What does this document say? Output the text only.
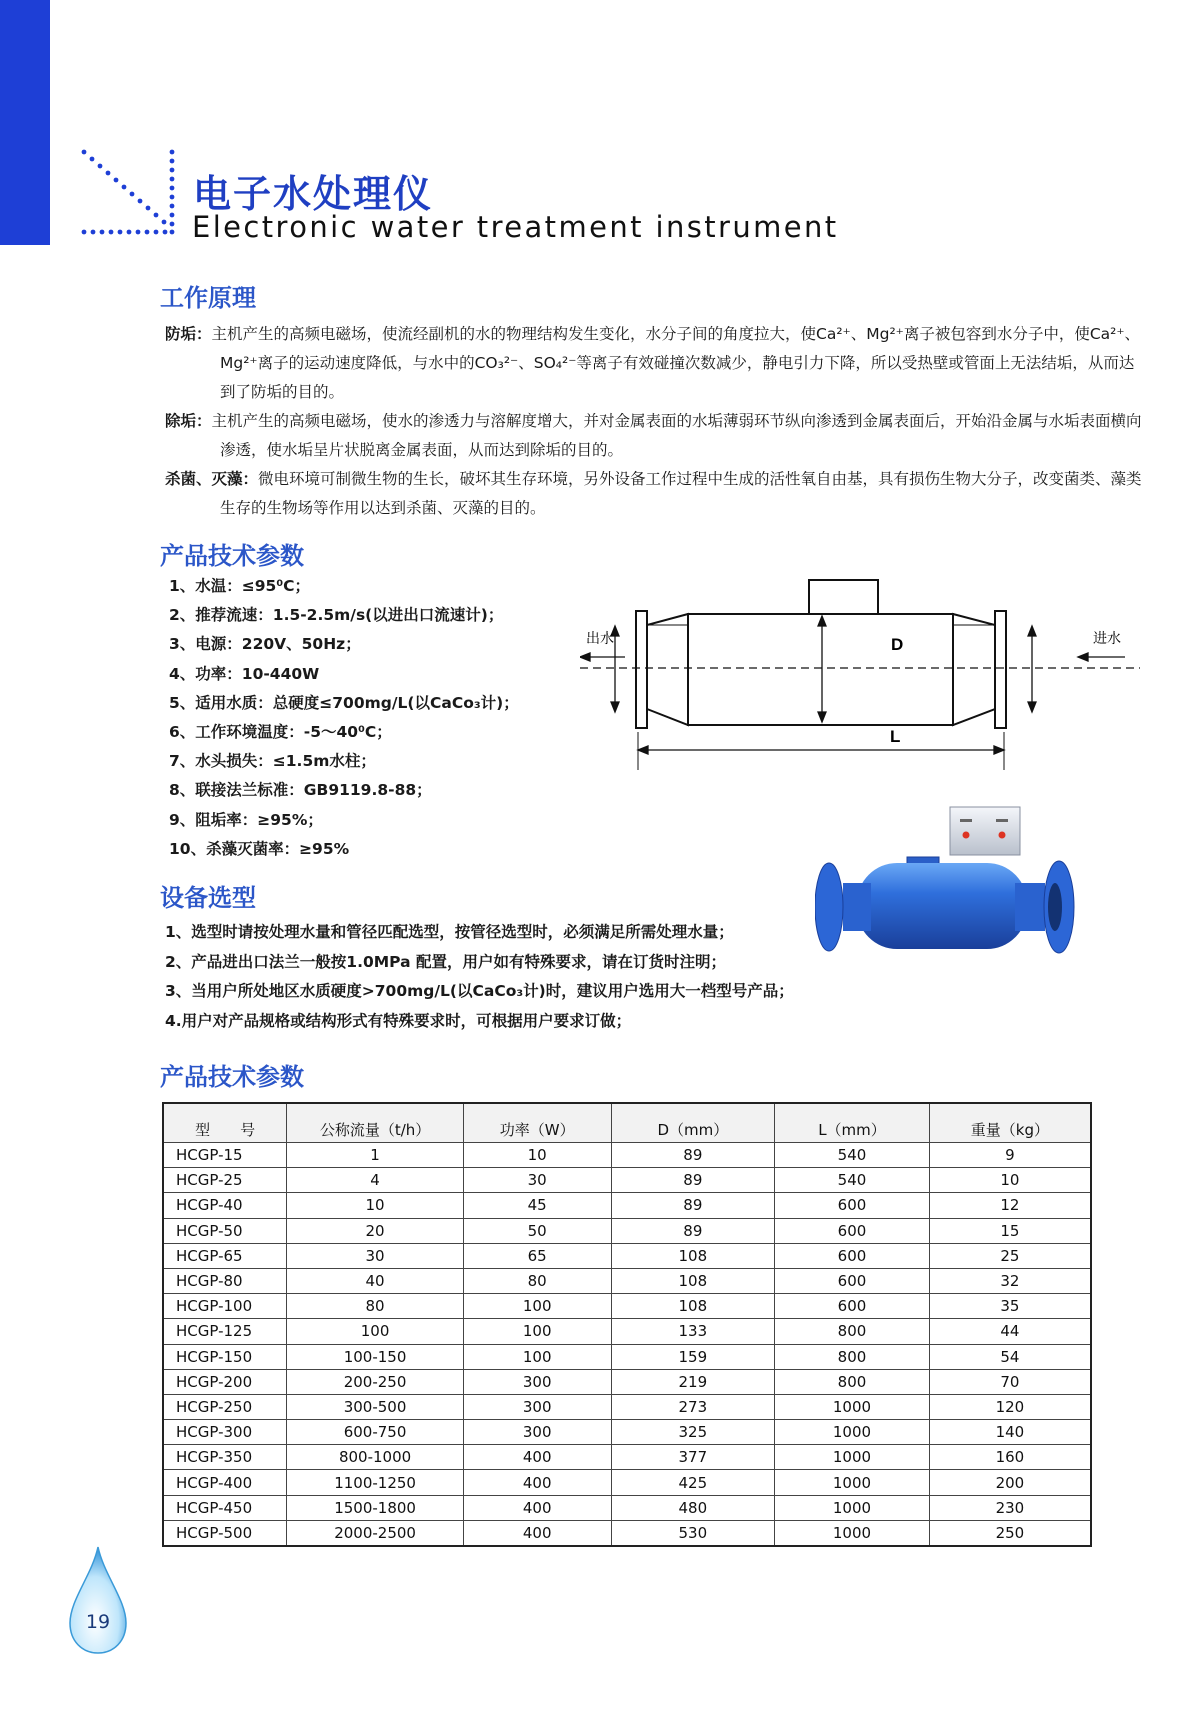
电子水处理仪
Electronic water treatment instrument
工作原理

防垢：主机产生的高频电磁场，使流经副机的水的物理结构发生变化，水分子间的角度拉大，使Ca²⁺、Mg²⁺离子被包容到水分子中，使Ca²⁺、Mg²⁺离子的运动速度降低，与水中的CO₃²⁻、SO₄²⁻等离子有效碰撞次数减少，静电引力下降，所以受热壁或管面上无法结垢，从而达到了防垢的目的。

除垢：主机产生的高频电磁场，使水的渗透力与溶解度增大，并对金属表面的水垢薄弱环节纵向渗透到金属表面后，开始沿金属与水垢表面横向渗透，使水垢呈片状脱离金属表面，从而达到除垢的目的。

杀菌、灭藻：微电环境可制微生物的生长，破坏其生存环境，另外设备工作过程中生成的活性氧自由基，具有损伤生物大分子，改变菌类、藻类生存的生物场等作用以达到杀菌、灭藻的目的。

产品技术参数
1、水温：≤95⁰C；
2、推荐流速：1.5-2.5m/s(以进出口流速计)；
3、电源：220V、50Hz；
4、功率：10-440W
5、适用水质：总硬度≤700mg/L(以CaCo₃计)；
6、工作环境温度：-5～40⁰C；
7、水头损失：≤1.5m水柱；
8、联接法兰标准：GB9119.8-88；
9、阻垢率：≥95%；
10、杀藻灭菌率：≥95%
出水	进水
D
L
设备选型

1、选型时请按处理水量和管径匹配选型，按管径选型时，必须满足所需处理水量；

2、产品进出口法兰一般按1.0MPa 配置，用户如有特殊要求，请在订货时注明；

3、当用户所处地区水质硬度>700mg/L(以CaCo₃计)时，建议用户选用大一档型号产品；

4.用户对产品规格或结构形式有特殊要求时，可根据用户要求订做；

产品技术参数
型　　号	公称流量（t/h）	功率（W）	D（mm）	L（mm）	重量（kg）
HCGP-15	1	10	89	540	9
HCGP-25	4	30	89	540	10
HCGP-40	10	45	89	600	12
HCGP-50	20	50	89	600	15
HCGP-65	30	65	108	600	25
HCGP-80	40	80	108	600	32
HCGP-100	80	100	108	600	35
HCGP-125	100	100	133	800	44
HCGP-150	100-150	100	159	800	54
HCGP-200	200-250	300	219	800	70
HCGP-250	300-500	300	273	1000	120
HCGP-300	600-750	300	325	1000	140
HCGP-350	800-1000	400	377	1000	160
HCGP-400	1100-1250	400	425	1000	200
HCGP-450	1500-1800	400	480	1000	230
HCGP-500	2000-2500	400	530	1000	250
19
